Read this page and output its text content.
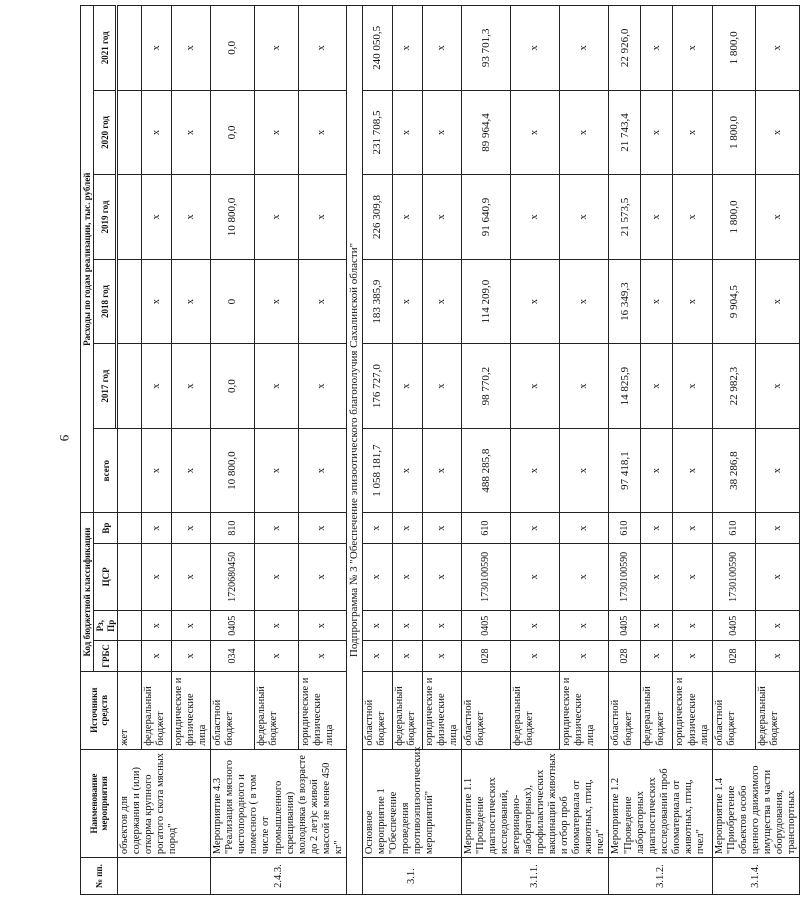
9
№ пп.	Наименование мероприятия	Источники средств	Код бюджетной классификации				Расходы по годам реализации, тыс. рублей					
			ГРБС	Рз, Пр	ЦСР	Вр	всего	2017 год	2018 год	2019 год	2020 год	2021 год

	объектов для содержания и (или) откорма крупного рогатого скота мясных пород"	жет										
		федеральный бюджет	х	х	х	х	х	х	х	х	х	х
		юридические и физические лица	х	х	х	х	х	х	х	х	х	х
2.4.3.	Мероприятие 4.3 "Реализация мясного чистопородного и помесного ( в том числе от промышленного скрещивания) молодняка (в возрасте до 2 лет)с живой массой не менее 450 кг"	областной бюджет	034	0405	1720680450	810	10 800,0	0,0	0	10 800,0	0,0	0,0
		федеральный бюджет	х	х	х	х	х	х	х	х	х	х
		юридические и физические лица	х	х	х	х	х	х	х	х	х	х
Подпрограмма № 3 "Обеспечение эпизоотического благополучия Сахалинской области"												
3.1.	Основное мероприятие 1 "Обеспечение проведения противоэпизоотических мероприятий"	областной бюджет	х	х	х	х	1 058 181,7	176 727,0	183 385,9	226 309,8	231 708,5	240 050,5
		федеральный бюджет	х	х	х	х	х	х	х	х	х	х
		юридические и физические лица	х	х	х	х	х	х	х	х	х	х
3.1.1.	Мероприятие 1.1 "Проведение диагностических исследований, ветеринарно-лабораторных), профилактических вакцинаций животных и отбор проб биоматериала от животных, птиц, пчел"	областной бюджет	028	0405	1730100590	610	488 285,8	98 770,2	114 209,0	91 640,9	89 964,4	93 701,3
		федеральный бюджет	х	х	х	х	х	х	х	х	х	х
		юридические и физические лица	х	х	х	х	х	х	х	х	х	х
3.1.2.	Мероприятие 1.2 "Проведение лабораторных диагностических исследований проб биоматериала от животных, птиц, пчел"	областной бюджет	028	0405	1730100590	610	97 418,1	14 825,9	16 349,3	21 573,5	21 743,4	22 926,0
		федеральный бюджет	х	х	х	х	х	х	х	х	х	х
		юридические и физические лица	х	х	х	х	х	х	х	х	х	х
3.1.4.	Мероприятие 1.4 "Приобретение объектов особо ценного движимого имущества в части оборудования, транспортных	областной бюджет	028	0405	1730100590	610	38 286,8	22 982,3	9 904,5	1 800,0	1 800,0	1 800,0
		федеральный бюджет	х	х	х	х	х	х	х	х	х	х
